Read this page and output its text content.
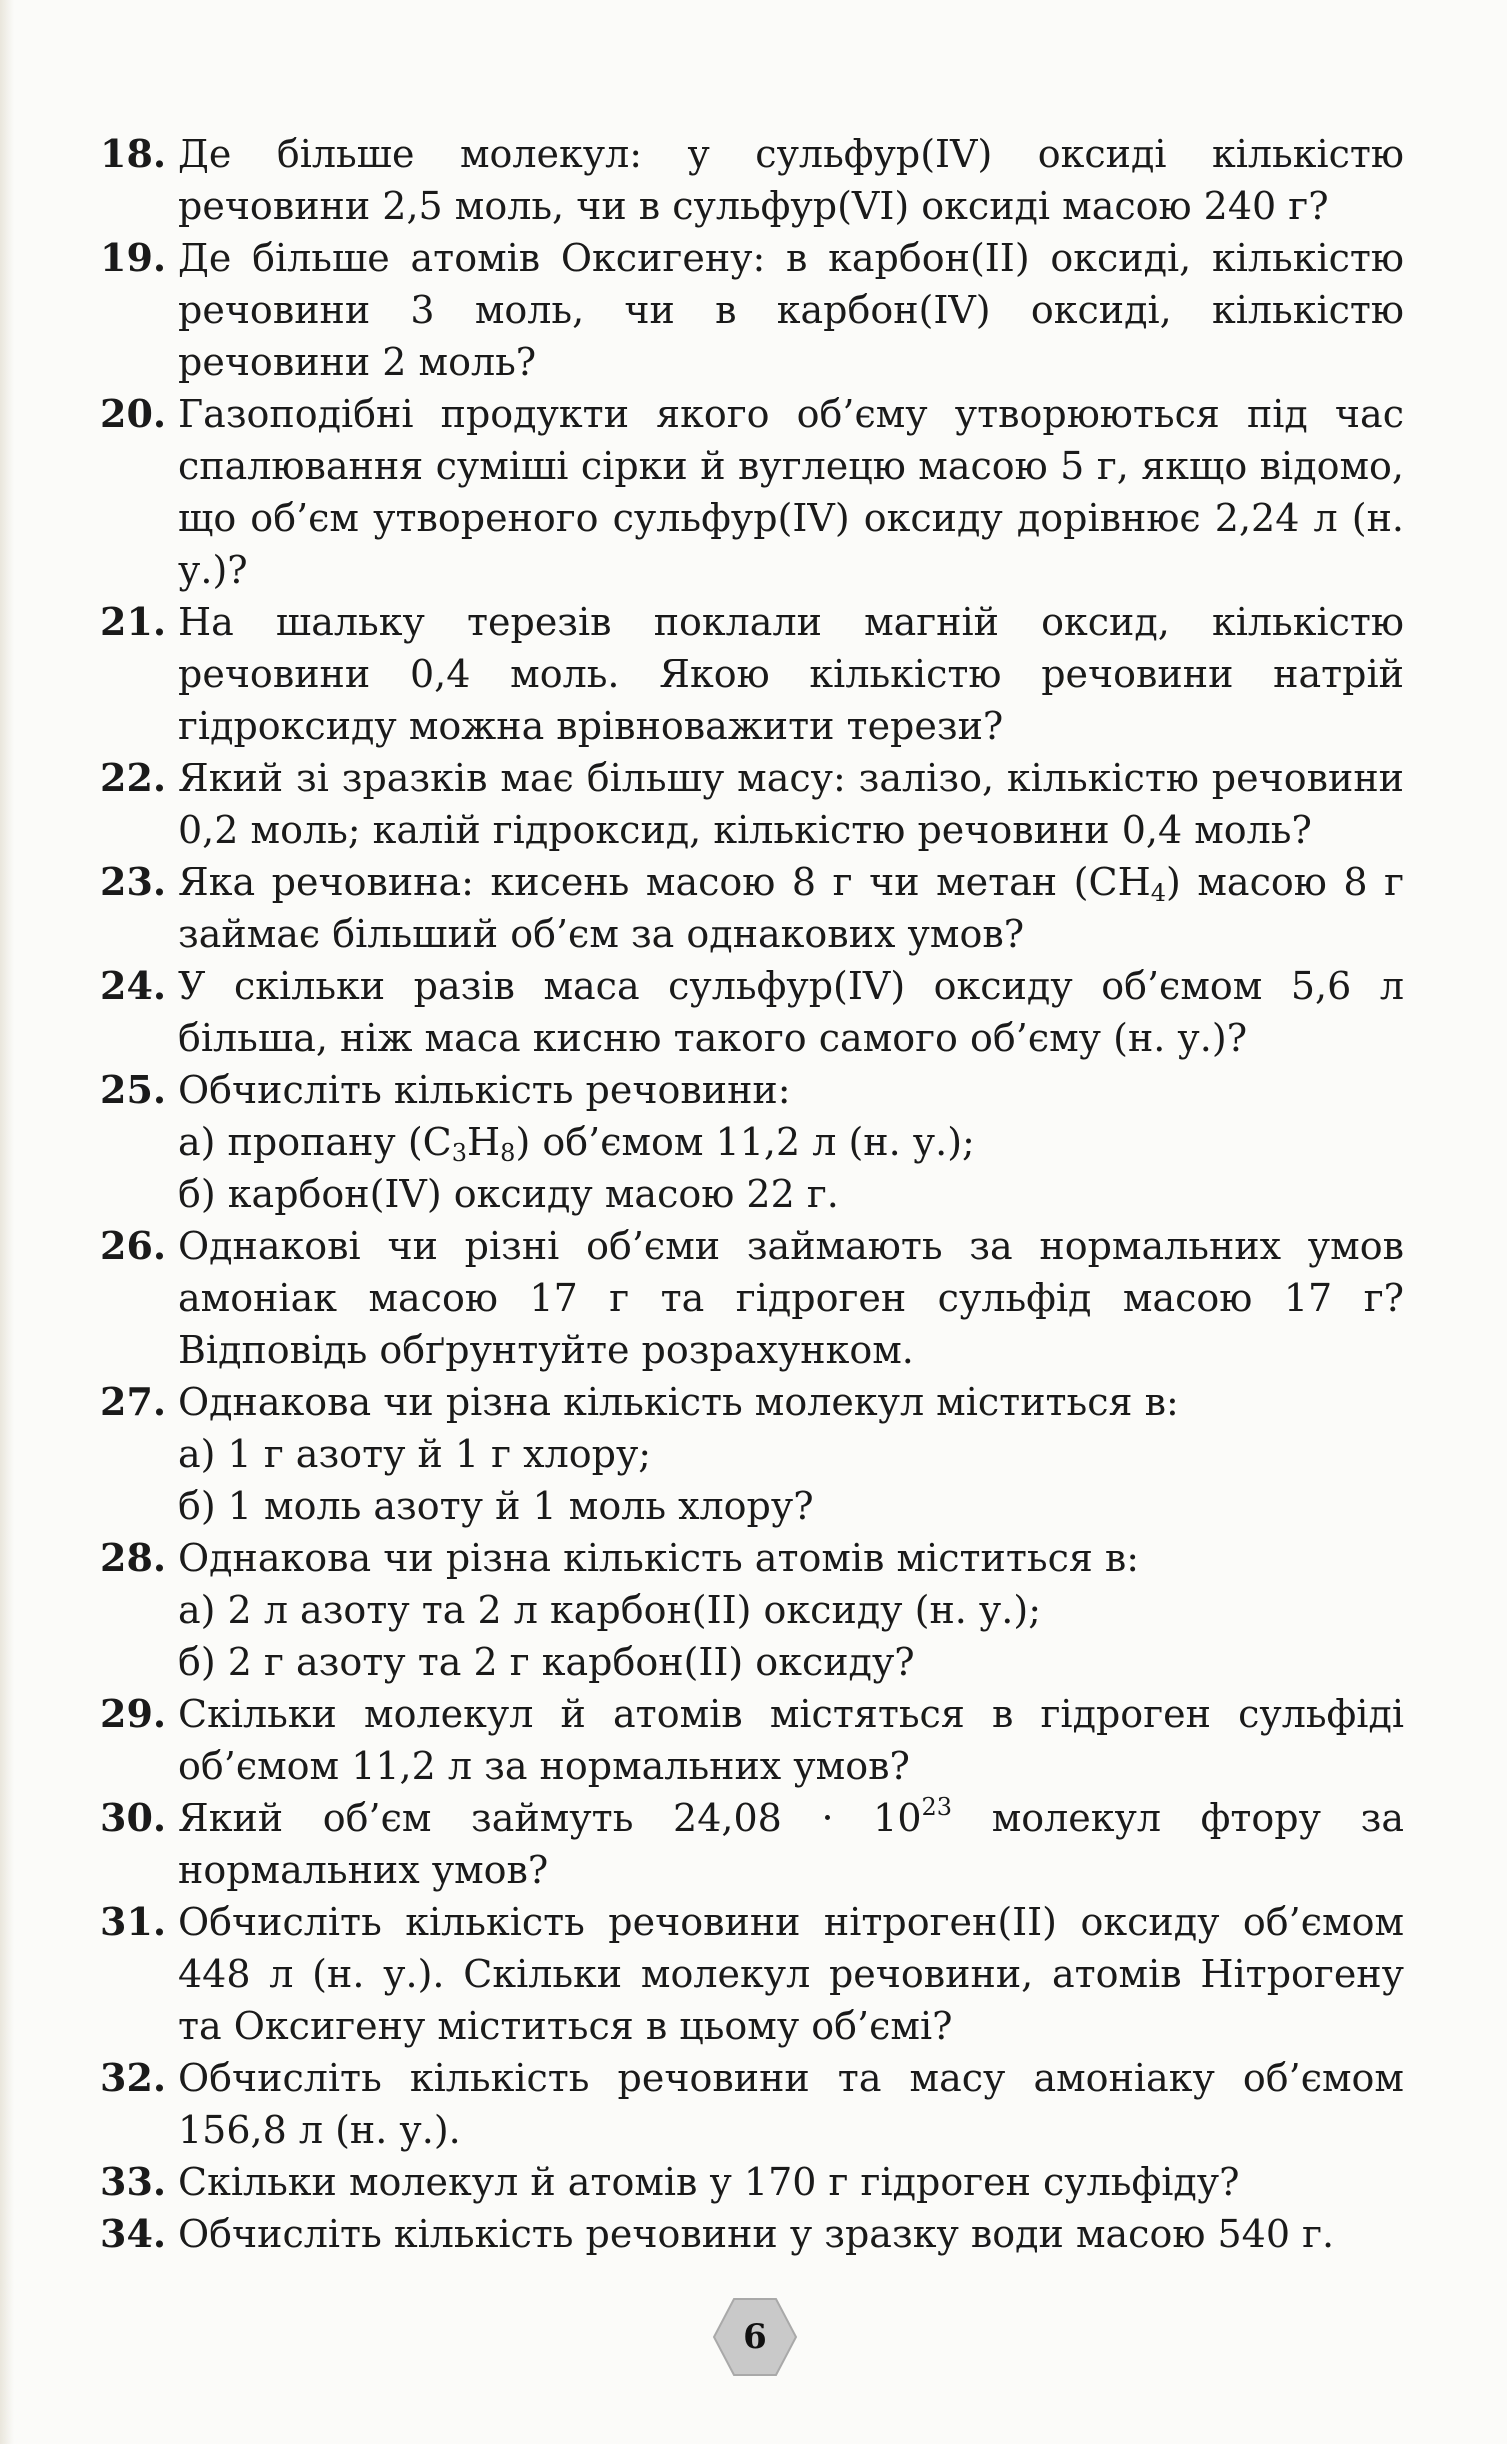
18. Де більше молекул: у сульфур(IV) оксиді кількістю речовини 2,5 моль, чи в сульфур(VI) оксиді масою 240 г?
19. Де більше атомів Оксигену: в карбон(II) оксиді, кількістю речовини 3 моль, чи в карбон(IV) оксиді, кількістю речовини 2 моль?
20. Газоподібні продукти якого об’єму утворюються під час спалювання суміші сірки й вуглецю масою 5 г, якщо відомо, що об’єм утвореного сульфур(IV) оксиду дорівнює 2,24 л (н. у.)?
21. На шальку терезів поклали магній оксид, кількістю речовини 0,4 моль. Якою кількістю речовини натрій гідроксиду можна врівноважити терези?
22. Який зі зразків має більшу масу: залізо, кількістю речовини 0,2 моль; калій гідроксид, кількістю речовини 0,4 моль?
23. Яка речовина: кисень масою 8 г чи метан $(CH_4)$ масою 8 г займає більший об’єм за однакових умов?
24. У скільки разів маса сульфур(IV) оксиду об’ємом 5,6 л більша, ніж маса кисню такого самого об’єму (н. у.)?
25. Обчисліть кількість речовини:
а) пропану $(C_3H_8)$ об’ємом 11,2 л (н. у.);
б) карбон(IV) оксиду масою 22 г.
26. Однакові чи різні об’єми займають за нормальних умов амоніак масою 17 г та гідроген сульфід масою 17 г? Відповідь обґрунтуйте розрахунком.
27. Однакова чи різна кількість молекул міститься в:
а) 1 г азоту й 1 г хлору;
б) 1 моль азоту й 1 моль хлору?
28. Однакова чи різна кількість атомів міститься в:
а) 2 л азоту та 2 л карбон(II) оксиду (н. у.);
б) 2 г азоту та 2 г карбон(II) оксиду?
29. Скільки молекул й атомів містяться в гідроген сульфіді об’ємом 11,2 л за нормальних умов?
30. Який об’єм займуть $24,08 \cdot 10^{23}$ молекул фтору за нормальних умов?
31. Обчисліть кількість речовини нітроген(II) оксиду об’ємом 448 л (н. у.). Скільки молекул речовини, атомів Нітрогену та Оксигену міститься в цьому об’ємі?
32. Обчисліть кількість речовини та масу амоніаку об’ємом 156,8 л (н. у.).
33. Скільки молекул й атомів у 170 г гідроген сульфіду?
34. Обчисліть кількість речовини у зразку води масою 540 г.
6
